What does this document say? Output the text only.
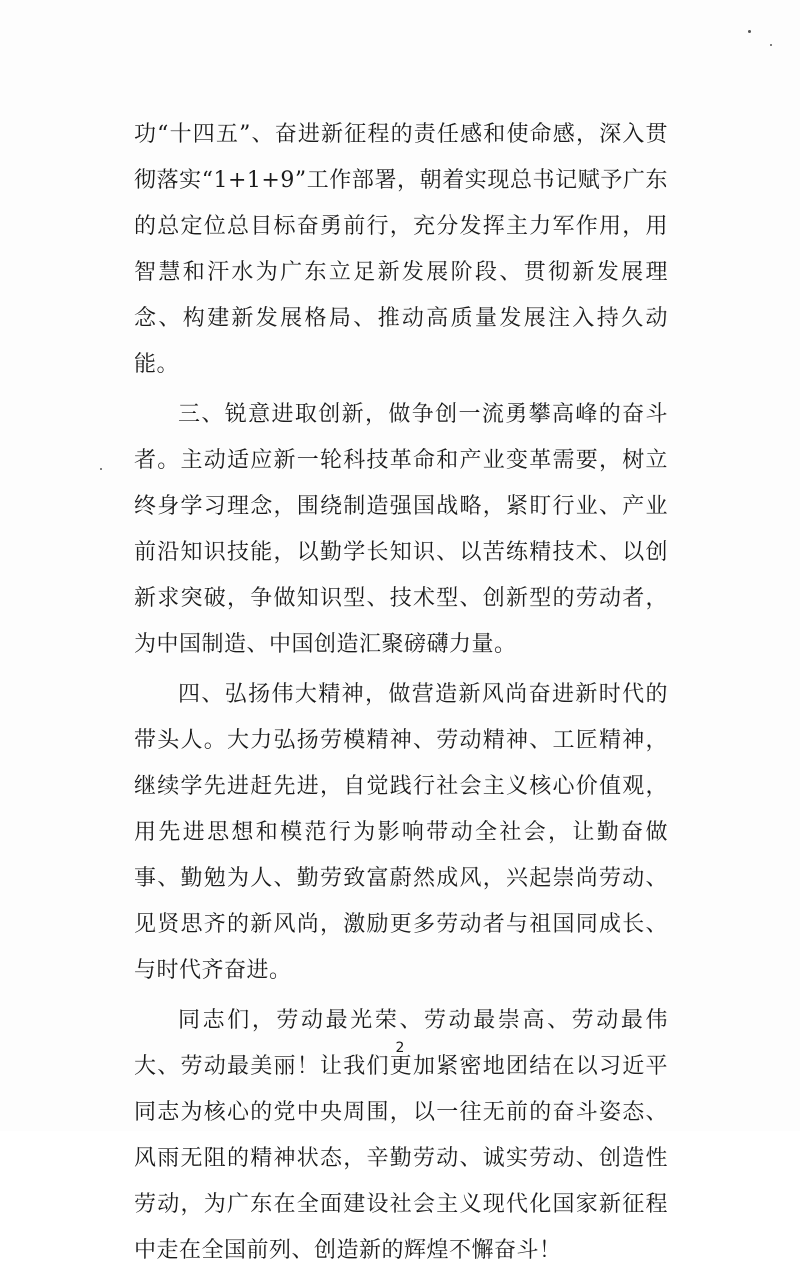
功“十四五”、奋进新征程的责任感和使命感，深入贯彻落实“1+1+9”工作部署，朝着实现总书记赋予广东的总定位总目标奋勇前行，充分发挥主力军作用，用智慧和汗水为广东立足新发展阶段、贯彻新发展理念、构建新发展格局、推动高质量发展注入持久动能。

三、锐意进取创新，做争创一流勇攀高峰的奋斗者。主动适应新一轮科技革命和产业变革需要，树立终身学习理念，围绕制造强国战略，紧盯行业、产业前沿知识技能，以勤学长知识、以苦练精技术、以创新求突破，争做知识型、技术型、创新型的劳动者，为中国制造、中国创造汇聚磅礴力量。

四、弘扬伟大精神，做营造新风尚奋进新时代的带头人。大力弘扬劳模精神、劳动精神、工匠精神，继续学先进赶先进，自觉践行社会主义核心价值观，用先进思想和模范行为影响带动全社会，让勤奋做事、勤勉为人、勤劳致富蔚然成风，兴起崇尚劳动、见贤思齐的新风尚，激励更多劳动者与祖国同成长、与时代齐奋进。

同志们，劳动最光荣、劳动最崇高、劳动最伟大、劳动最美丽！让我们更加紧密地团结在以习近平同志为核心的党中央周围，以一往无前的奋斗姿态、风雨无阻的精神状态，辛勤劳动、诚实劳动、创造性劳动，为广东在全面建设社会主义现代化国家新征程中走在全国前列、创造新的辉煌不懈奋斗！

2
